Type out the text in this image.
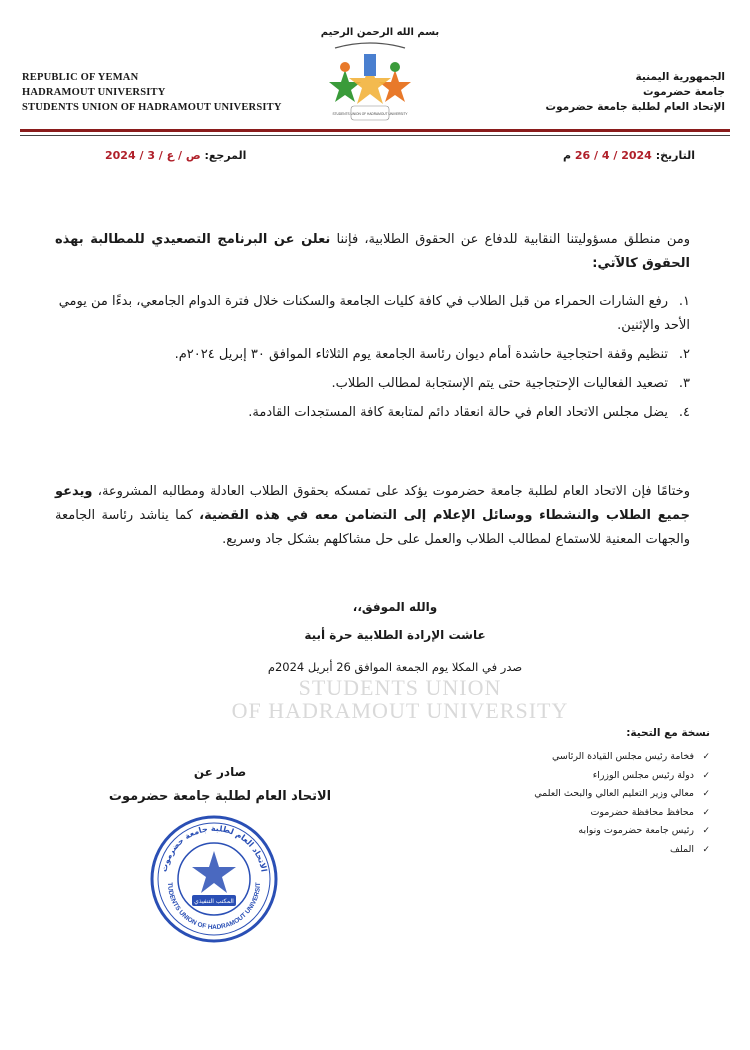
بسم الله الرحمن الرحيم
REPUBLIC OF YEMAN
HADRAMOUT UNIVERSITY
STUDENTS UNION OF HADRAMOUT UNIVERSITY
الجمهورية اليمنية
جامعة حضرموت
الإتحاد العام لطلبة جامعة حضرموت
STUDENTS UNION OF HADRAMOUT UNIVERSITY
التاريخ: 26 / 4 / 2024 م
المرجع: ص / ع / 3 / 2024
ومن منطلق مسؤوليتنا النقابية للدفاع عن الحقوق الطلابية، فإننا نعلن عن البرنامج التصعيدي للمطالبة بهذه الحقوق كالآتي:
١.رفع الشارات الحمراء من قبل الطلاب في كافة كليات الجامعة والسكنات خلال فترة الدوام الجامعي، بدءًا من يومي الأحد والإثنين.
٢.تنظيم وقفة احتجاجية حاشدة أمام ديوان رئاسة الجامعة يوم الثلاثاء الموافق ٣٠ إبريل ٢٠٢٤م.
٣.تصعيد الفعاليات الإحتجاجية حتى يتم الإستجابة لمطالب الطلاب.
٤.يضل مجلس الاتحاد العام في حالة انعقاد دائم لمتابعة كافة المستجدات القادمة.
وختامًا فإن الاتحاد العام لطلبة جامعة حضرموت يؤكد على تمسكه بحقوق الطلاب العادلة ومطالبه المشروعة، ويدعو جميع الطلاب والنشطاء ووسائل الإعلام إلى التضامن معه في هذه القضية، كما يناشد رئاسة الجامعة والجهات المعنية للاستماع لمطالب الطلاب والعمل على حل مشاكلهم بشكل جاد وسريع.
STUDENTS UNION
OF HADRAMOUT UNIVERSITY
والله الموفق،،
عاشت الإرادة الطلابية حرة أبية
صدر في المكلا يوم الجمعة الموافق 26 أبريل 2024م
نسخة مع التحية:
✓فخامة رئيس مجلس القيادة الرئاسي
✓دولة رئيس مجلس الوزراء
✓معالي وزير التعليم العالي والبحث العلمي
✓محافظ محافظة حضرموت
✓رئيس جامعة حضرموت ونوابه
✓الملف
صادر عن
الاتحاد العام لطلبة جامعة حضرموت
الاتحاد العام لطلبة جامعة حضرموت
TUDENTS UNION OF HADRAMOUT UNIVERSIT
المكتب التنفيذي
